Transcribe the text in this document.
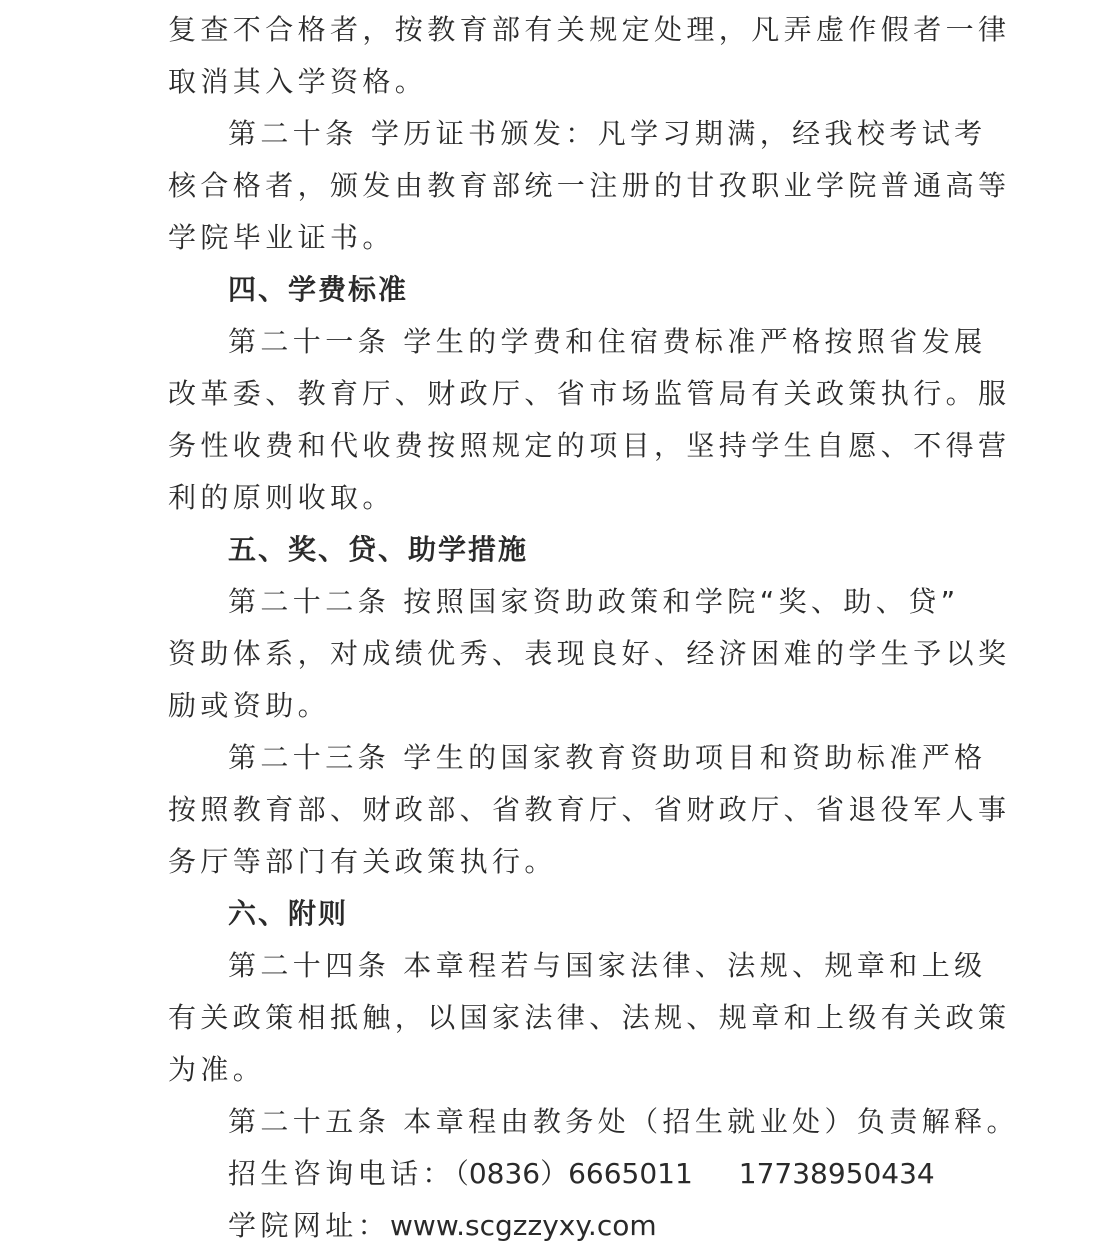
复查不合格者，按教育部有关规定处理，凡弄虚作假者一律

取消其入学资格。

第二十条 学历证书颁发：凡学习期满，经我校考试考

核合格者，颁发由教育部统一注册的甘孜职业学院普通高等

学院毕业证书。

四、学费标准

第二十一条 学生的学费和住宿费标准严格按照省发展

改革委、教育厅、财政厅、省市场监管局有关政策执行。服

务性收费和代收费按照规定的项目，坚持学生自愿、不得营

利的原则收取。

五、奖、贷、助学措施

第二十二条 按照国家资助政策和学院“奖、助、贷”

资助体系，对成绩优秀、表现良好、经济困难的学生予以奖

励或资助。

第二十三条 学生的国家教育资助项目和资助标准严格

按照教育部、财政部、省教育厅、省财政厅、省退役军人事

务厅等部门有关政策执行。

六、附则

第二十四条 本章程若与国家法律、法规、规章和上级

有关政策相抵触，以国家法律、法规、规章和上级有关政策

为准。

第二十五条 本章程由教务处（招生就业处）负责解释。

招生咨询电话：（0836）6665011 17738950434

学院网址：www.scgzzyxy.com
